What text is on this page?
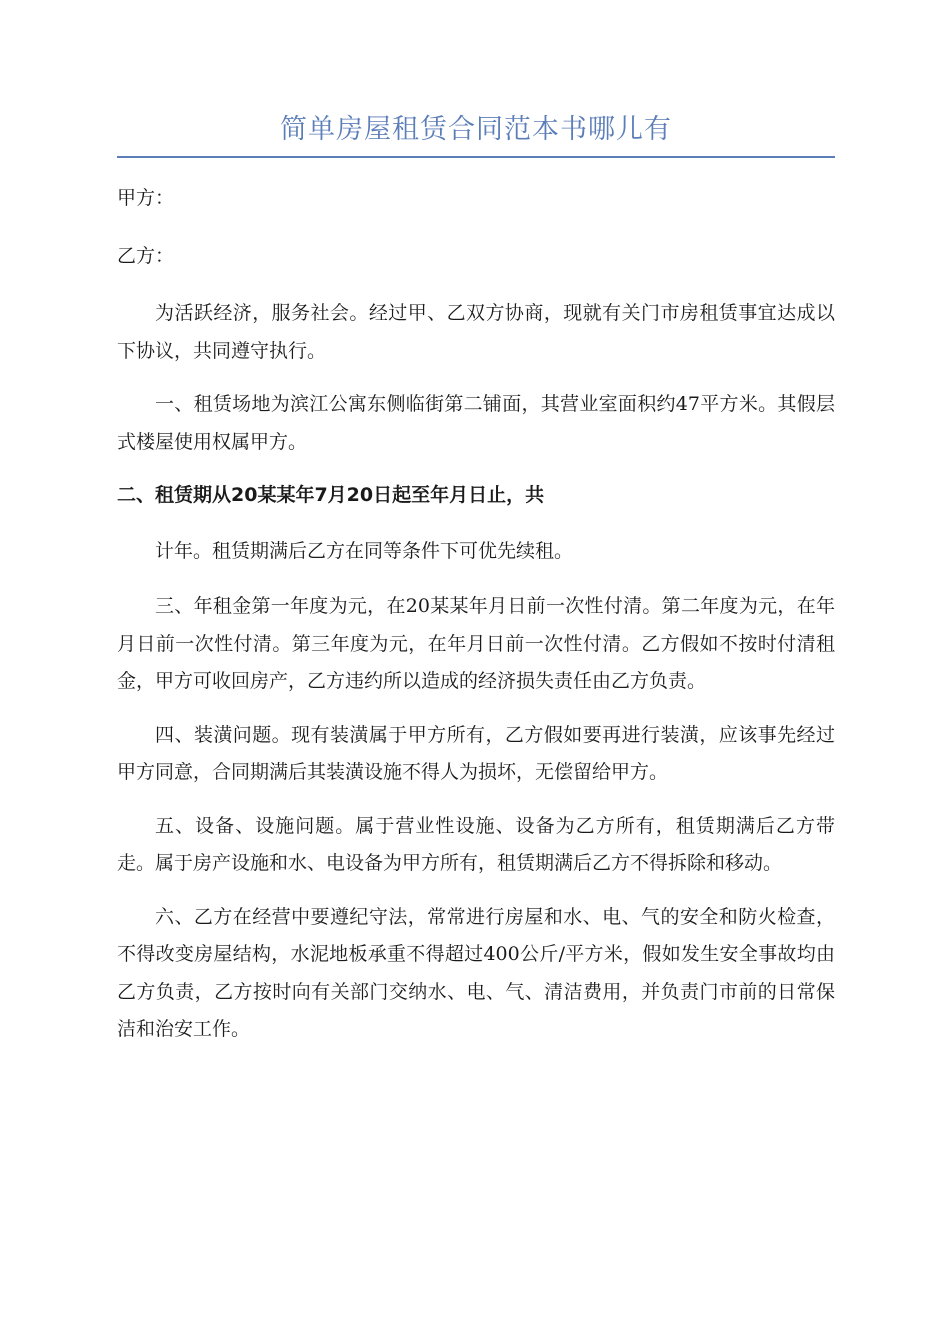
简单房屋租赁合同范本书哪儿有

甲方：

乙方：

为活跃经济，服务社会。经过甲、乙双方协商，现就有关门市房租赁事宜达成以下协议，共同遵守执行。

一、租赁场地为滨江公寓东侧临街第二铺面，其营业室面积约47平方米。其假层式楼屋使用权属甲方。

二、租赁期从20某某年7月20日起至年月日止，共

计年。租赁期满后乙方在同等条件下可优先续租。

三、年租金第一年度为元，在20某某年月日前一次性付清。第二年度为元，在年月日前一次性付清。第三年度为元，在年月日前一次性付清。乙方假如不按时付清租金，甲方可收回房产，乙方违约所以造成的经济损失责任由乙方负责。

四、装潢问题。现有装潢属于甲方所有，乙方假如要再进行装潢，应该事先经过甲方同意，合同期满后其装潢设施不得人为损坏，无偿留给甲方。

五、设备、设施问题。属于营业性设施、设备为乙方所有，租赁期满后乙方带走。属于房产设施和水、电设备为甲方所有，租赁期满后乙方不得拆除和移动。

六、乙方在经营中要遵纪守法，常常进行房屋和水、电、气的安全和防火检查，不得改变房屋结构，水泥地板承重不得超过400公斤/平方米，假如发生安全事故均由乙方负责，乙方按时向有关部门交纳水、电、气、清洁费用，并负责门市前的日常保洁和治安工作。
